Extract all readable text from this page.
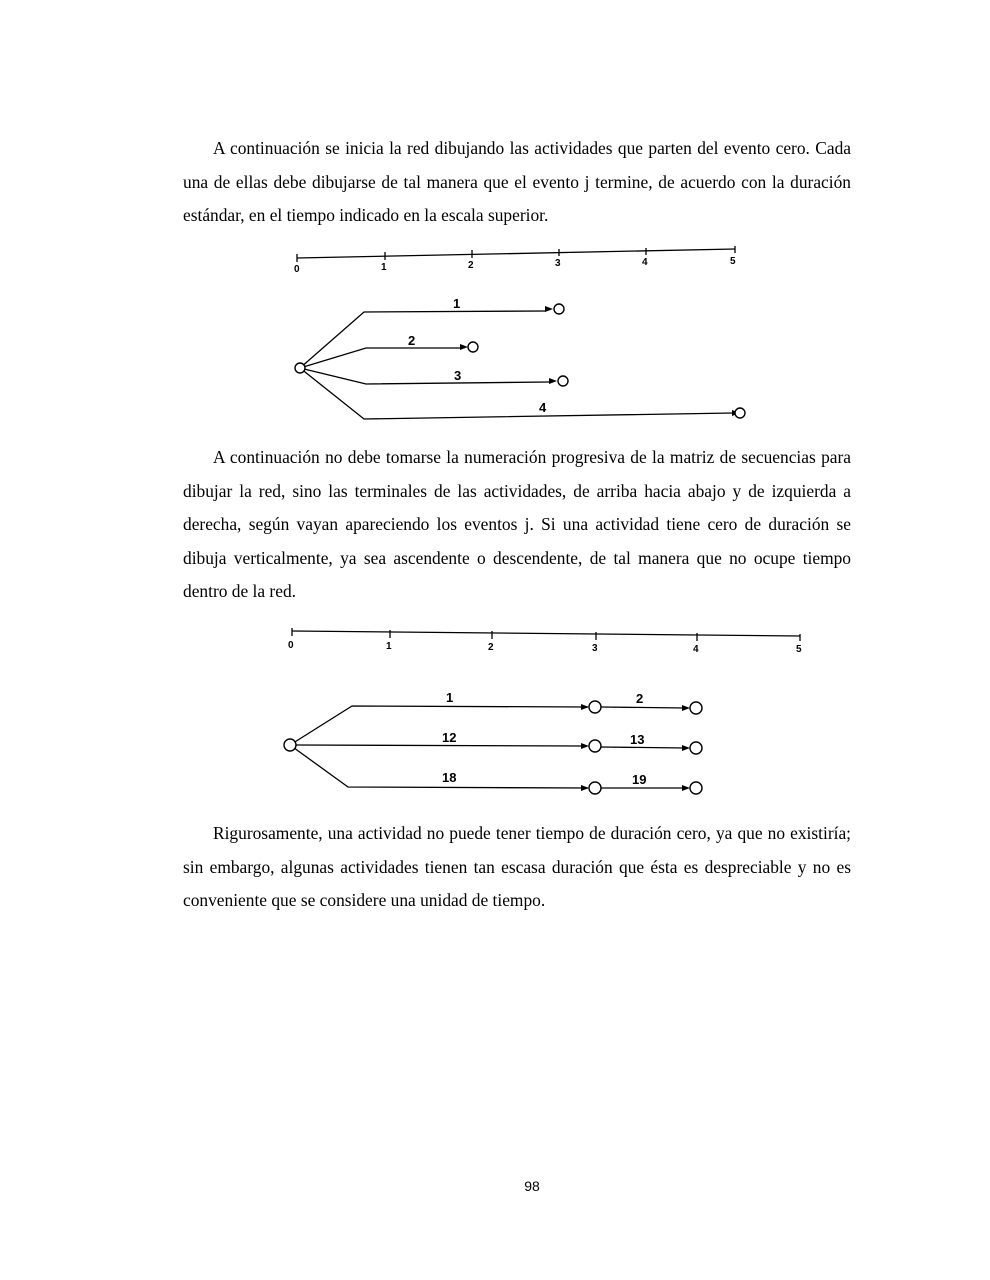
A continuación se inicia la red dibujando las actividades que parten del evento cero. Cada una de ellas debe dibujarse de tal manera que el evento j termine, de acuerdo con la duración estándar, en el tiempo indicado en la escala superior.

0	1	2	3	4	5
1
2
3
4

A continuación no debe tomarse la numeración progresiva de la matriz de secuencias para dibujar la red, sino las terminales de las actividades, de arriba hacia abajo y de izquierda a derecha, según vayan apareciendo los eventos j. Si una actividad tiene cero de duración se dibuja verticalmente, ya sea ascendente o descendente, de tal manera que no ocupe tiempo dentro de la red.

0	1	2	3	4	5
1	2
12	13
18	19

Rigurosamente, una actividad no puede tener tiempo de duración cero, ya que no existiría; sin embargo, algunas actividades tienen tan escasa duración que ésta es despreciable y no es conveniente que se considere una unidad de tiempo.

98
